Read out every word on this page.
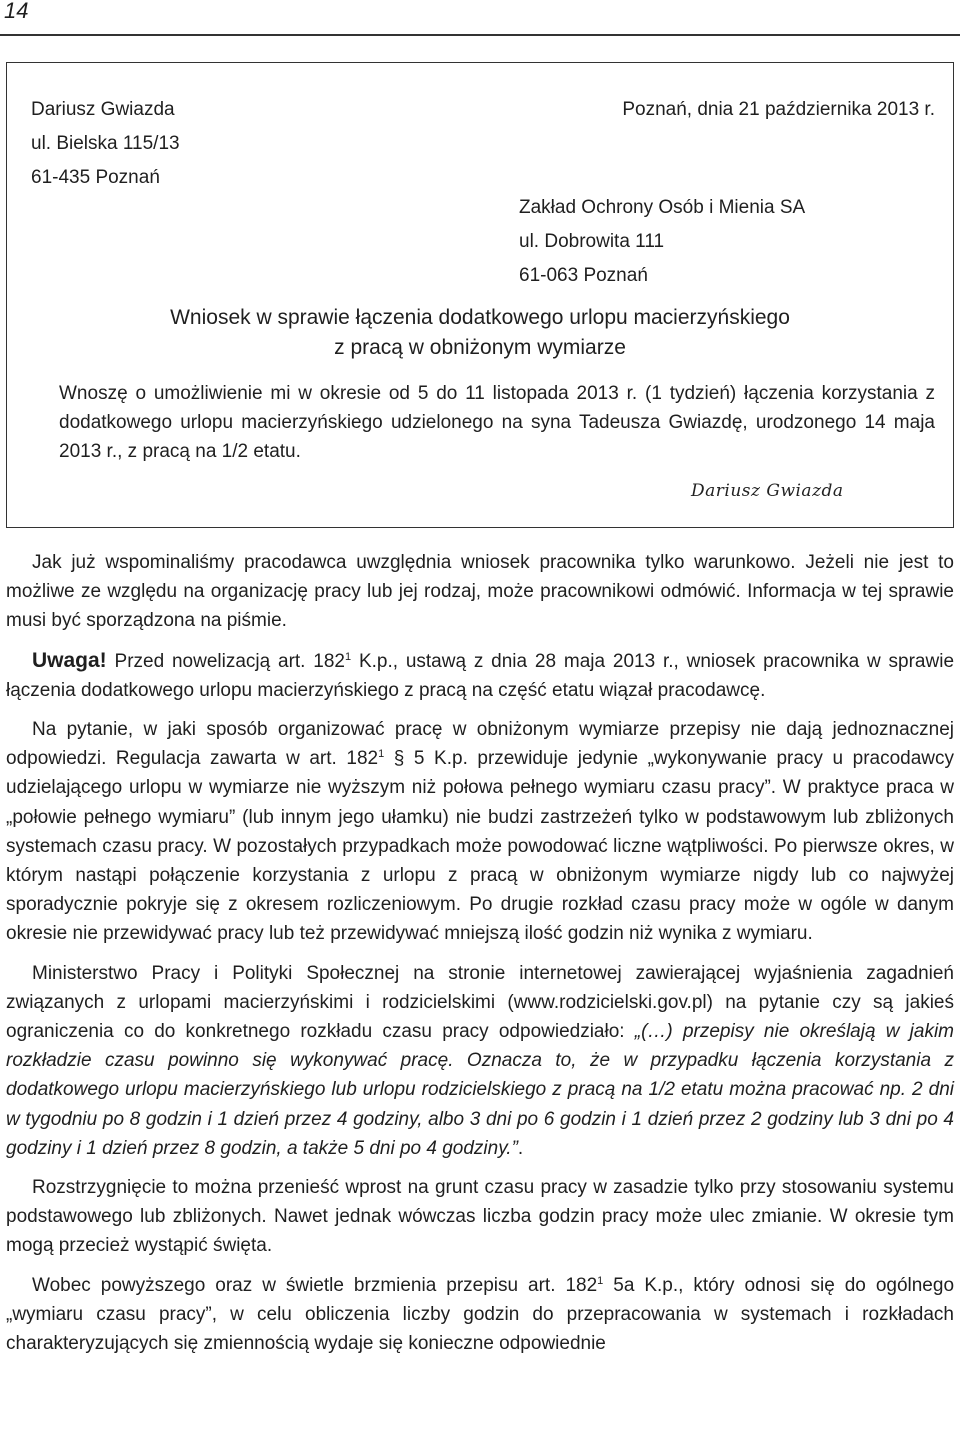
14
Dariusz Gwiazda
ul. Bielska 115/13
61-435 Poznań
Poznań, dnia 21 października 2013 r.
Zakład Ochrony Osób i Mienia SA
ul. Dobrowita 111
61-063 Poznań
Wniosek w sprawie łączenia dodatkowego urlopu macierzyńskiego
z pracą w obniżonym wymiarze
Wnoszę o umożliwienie mi w okresie od 5 do 11 listopada 2013 r. (1 tydzień) łączenia korzystania z dodatkowego urlopu macierzyńskiego udzielonego na syna Tadeusza Gwiazdę, urodzonego 14 maja 2013 r., z pracą na 1/2 etatu.
Dariusz Gwiazda

Jak już wspominaliśmy pracodawca uwzględnia wniosek pracownika tylko warunkowo. Jeżeli nie jest to możliwe ze względu na organizację pracy lub jej rodzaj, może pracownikowi odmówić. Informacja w tej sprawie musi być sporządzona na piśmie.

Uwaga! Przed nowelizacją art. $182^1$ K.p., ustawą z dnia 28 maja 2013 r., wniosek pracownika w sprawie łączenia dodatkowego urlopu macierzyńskiego z pracą na część etatu wiązał pracodawcę.

Na pytanie, w jaki sposób organizować pracę w obniżonym wymiarze przepisy nie dają jednoznacznej odpowiedzi. Regulacja zawarta w art. $182^1$ § 5 K.p. przewiduje jedynie „wykonywanie pracy u pracodawcy udzielającego urlopu w wymiarze nie wyższym niż połowa pełnego wymiaru czasu pracy”. W praktyce praca w „połowie pełnego wymiaru” (lub innym jego ułamku) nie budzi zastrzeżeń tylko w podstawowym lub zbliżonych systemach czasu pracy. W pozostałych przypadkach może powodować liczne wątpliwości. Po pierwsze okres, w którym nastąpi połączenie korzystania z urlopu z pracą w obniżonym wymiarze nigdy lub co najwyżej sporadycznie pokryje się z okresem rozliczeniowym. Po drugie rozkład czasu pracy może w ogóle w danym okresie nie przewidywać pracy lub też przewidywać mniejszą ilość godzin niż wynika z wymiaru.

Ministerstwo Pracy i Polityki Społecznej na stronie internetowej zawierającej wyjaśnienia zagadnień związanych z urlopami macierzyńskimi i rodzicielskimi (www.rodzicielski.gov.pl) na pytanie czy są jakieś ograniczenia co do konkretnego rozkładu czasu pracy odpowiedziało: „(…) przepisy nie określają w jakim rozkładzie czasu powinno się wykonywać pracę. Oznacza to, że w przypadku łączenia korzystania z dodatkowego urlopu macierzyńskiego lub urlopu rodzicielskiego z pracą na 1/2 etatu można pracować np. 2 dni w tygodniu po 8 godzin i 1 dzień przez 4 godziny, albo 3 dni po 6 godzin i 1 dzień przez 2 godziny lub 3 dni po 4 godziny i 1 dzień przez 8 godzin, a także 5 dni po 4 godziny.”.

Rozstrzygnięcie to można przenieść wprost na grunt czasu pracy w zasadzie tylko przy stosowaniu systemu podstawowego lub zbliżonych. Nawet jednak wówczas liczba godzin pracy może ulec zmianie. W okresie tym mogą przecież wystąpić święta.

Wobec powyższego oraz w świetle brzmienia przepisu art. $182^1$ 5a K.p., który odnosi się do ogólnego „wymiaru czasu pracy”, w celu obliczenia liczby godzin do przepracowania w systemach i rozkładach charakteryzujących się zmiennością wydaje się konieczne odpowiednie
